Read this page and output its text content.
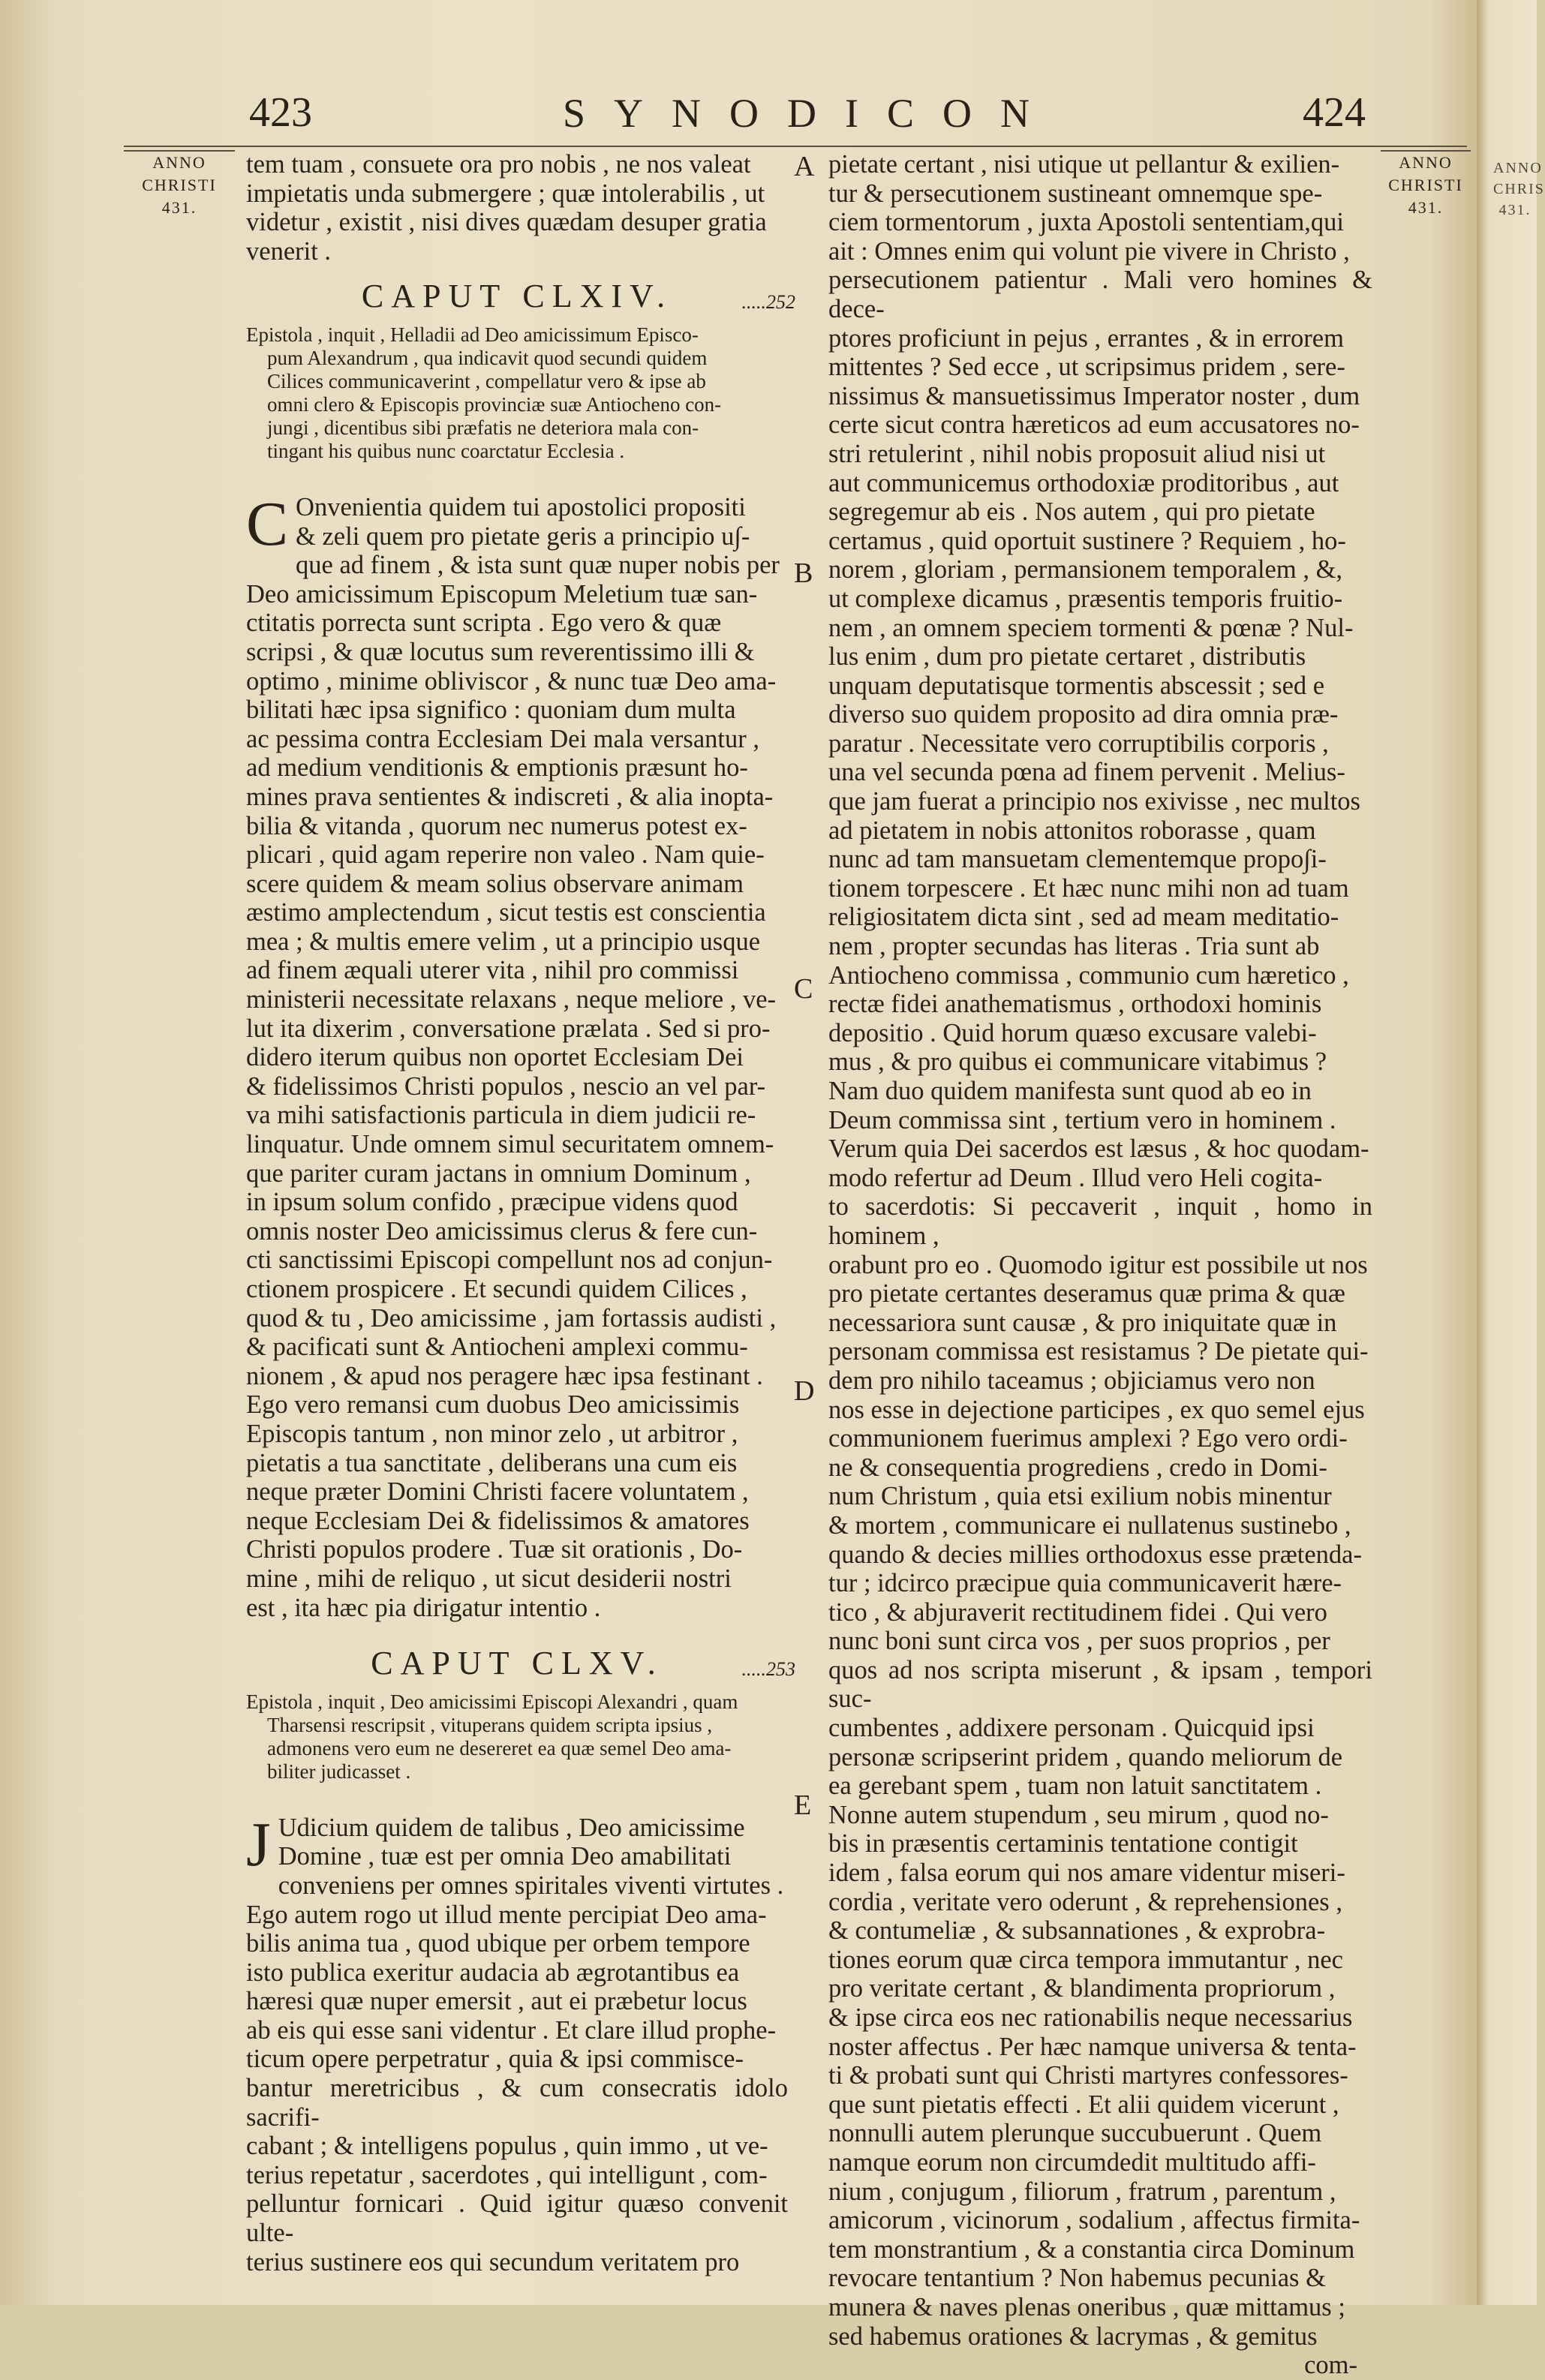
423	SYNODICON	424
ANNO
CHRISTI
431.
ANNO
CHRISTI
431.
ANNO
CHRIS
431.
A
B
C
D
E

tem tuam , consuete ora pro nobis , ne nos valeat
impietatis unda submergere ; quæ intolerabilis , ut
videtur , existit , nisi dives quædam desuper gratia
venerit .

CAPUT CLXIV.	.....252
Epistola , inquit , Helladii ad Deo amicissimum Episco-
pum Alexandrum , qua indicavit quod secundi quidem
Cilices communicaverint , compellatur vero & ipse ab
omni clero & Episcopis provinciæ suæ Antiocheno con-
jungi , dicentibus sibi præfatis ne deteriora mala con-
tingant his quibus nunc coarctatur Ecclesia .

C Onvenientia quidem tui apostolici propositi
& zeli quem pro pietate geris a principio u∫-
que ad finem , & ista sunt quæ nuper nobis per
Deo amicissimum Episcopum Meletium tuæ san-
ctitatis porrecta sunt scripta . Ego vero & quæ
scripsi , & quæ locutus sum reverentissimo illi &
optimo , minime obliviscor , & nunc tuæ Deo ama-
bilitati hæc ipsa significo : quoniam dum multa
ac pessima contra Ecclesiam Dei mala versantur ,
ad medium venditionis & emptionis præsunt ho-
mines prava sentientes & indiscreti , & alia inopta-
bilia & vitanda , quorum nec numerus potest ex-
plicari , quid agam reperire non valeo . Nam quie-
scere quidem & meam solius observare animam
æstimo amplectendum , sicut testis est conscientia
mea ; & multis emere velim , ut a principio usque
ad finem æquali uterer vita , nihil pro commissi
ministerii necessitate relaxans , neque meliore , ve-
lut ita dixerim , conversatione prælata . Sed si pro-
didero iterum quibus non oportet Ecclesiam Dei
& fidelissimos Christi populos , nescio an vel par-
va mihi satisfactionis particula in diem judicii re-
linquatur. Unde omnem simul securitatem omnem-
que pariter curam jactans in omnium Dominum ,
in ipsum solum confido , præcipue videns quod
omnis noster Deo amicissimus clerus & fere cun-
cti sanctissimi Episcopi compellunt nos ad conjun-
ctionem prospicere . Et secundi quidem Cilices ,
quod & tu , Deo amicissime , jam fortassis audisti ,
& pacificati sunt & Antiocheni amplexi commu-
nionem , & apud nos peragere hæc ipsa festinant .
Ego vero remansi cum duobus Deo amicissimis
Episcopis tantum , non minor zelo , ut arbitror ,
pietatis a tua sanctitate , deliberans una cum eis
neque præter Domini Christi facere voluntatem ,
neque Ecclesiam Dei & fidelissimos & amatores
Christi populos prodere . Tuæ sit orationis , Do-
mine , mihi de reliquo , ut sicut desiderii nostri
est , ita hæc pia dirigatur intentio .

CAPUT CLXV.	.....253
Epistola , inquit , Deo amicissimi Episcopi Alexandri , quam
Tharsensi rescripsit , vituperans quidem scripta ipsius ,
admonens vero eum ne desereret ea quæ semel Deo ama-
biliter judicasset .

J Udicium quidem de talibus , Deo amicissime
Domine , tuæ est per omnia Deo amabilitati
conveniens per omnes spiritales viventi virtutes .
Ego autem rogo ut illud mente percipiat Deo ama-
bilis anima tua , quod ubique per orbem tempore
isto publica exeritur audacia ab ægrotantibus ea
hæresi quæ nuper emersit , aut ei præbetur locus
ab eis qui esse sani videntur . Et clare illud prophe-
ticum opere perpetratur , quia & ipsi commisce-
bantur meretricibus , & cum consecratis idolo sacrifi-
cabant ; & intelligens populus , quin immo , ut ve-
terius repetatur , sacerdotes , qui intelligunt , com-
pelluntur fornicari . Quid igitur quæso convenit ulte-
terius sustinere eos qui secundum veritatem pro

pietate certant , nisi utique ut pellantur & exilien-
tur & persecutionem sustineant omnemque spe-
ciem tormentorum , juxta Apostoli sententiam,qui
ait : Omnes enim qui volunt pie vivere in Christo ,
persecutionem patientur . Mali vero homines & dece-
ptores proficiunt in pejus , errantes , & in errorem
mittentes ? Sed ecce , ut scripsimus pridem , sere-
nissimus & mansuetissimus Imperator noster , dum
certe sicut contra hæreticos ad eum accusatores no-
stri retulerint , nihil nobis proposuit aliud nisi ut
aut communicemus orthodoxiæ proditoribus , aut
segregemur ab eis . Nos autem , qui pro pietate
certamus , quid oportuit sustinere ? Requiem , ho-
norem , gloriam , permansionem temporalem , &,
ut complexe dicamus , præsentis temporis fruitio-
nem , an omnem speciem tormenti & pœnæ ? Nul-
lus enim , dum pro pietate certaret , distributis
unquam deputatisque tormentis abscessit ; sed e
diverso suo quidem proposito ad dira omnia præ-
paratur . Necessitate vero corruptibilis corporis ,
una vel secunda pœna ad finem pervenit . Melius-
que jam fuerat a principio nos exivisse , nec multos
ad pietatem in nobis attonitos roborasse , quam
nunc ad tam mansuetam clementemque propo∫i-
tionem torpescere . Et hæc nunc mihi non ad tuam
religiositatem dicta sint , sed ad meam meditatio-
nem , propter secundas has literas . Tria sunt ab
Antiocheno commissa , communio cum hæretico ,
rectæ fidei anathematismus , orthodoxi hominis
depositio . Quid horum quæso excusare valebi-
mus , & pro quibus ei communicare vitabimus ?
Nam duo quidem manifesta sunt quod ab eo in
Deum commissa sint , tertium vero in hominem .
Verum quia Dei sacerdos est læsus , & hoc quodam-
modo refertur ad Deum . Illud vero Heli cogita-
to sacerdotis: Si peccaverit , inquit , homo in hominem ,
orabunt pro eo . Quomodo igitur est possibile ut nos
pro pietate certantes deseramus quæ prima & quæ
necessariora sunt causæ , & pro iniquitate quæ in
personam commissa est resistamus ? De pietate qui-
dem pro nihilo taceamus ; objiciamus vero non
nos esse in dejectione participes , ex quo semel ejus
communionem fuerimus amplexi ? Ego vero ordi-
ne & consequentia progrediens , credo in Domi-
num Christum , quia etsi exilium nobis minentur
& mortem , communicare ei nullatenus sustinebo ,
quando & decies millies orthodoxus esse prætenda-
tur ; idcirco præcipue quia communicaverit hære-
tico , & abjuraverit rectitudinem fidei . Qui vero
nunc boni sunt circa vos , per suos proprios , per
quos ad nos scripta miserunt , & ipsam , tempori suc-
cumbentes , addixere personam . Quicquid ipsi
personæ scripserint pridem , quando meliorum de
ea gerebant spem , tuam non latuit sanctitatem .
Nonne autem stupendum , seu mirum , quod no-
bis in præsentis certaminis tentatione contigit
idem , falsa eorum qui nos amare videntur miseri-
cordia , veritate vero oderunt , & reprehensiones ,
& contumeliæ , & subsannationes , & exprobra-
tiones eorum quæ circa tempora immutantur , nec
pro veritate certant , & blandimenta propriorum ,
& ipse circa eos nec rationabilis neque necessarius
noster affectus . Per hæc namque universa & tenta-
ti & probati sunt qui Christi martyres confessores-
que sunt pietatis effecti . Et alii quidem vicerunt ,
nonnulli autem plerunque succubuerunt . Quem
namque eorum non circumdedit multitudo affi-
nium , conjugum , filiorum , fratrum , parentum ,
amicorum , vicinorum , sodalium , affectus firmita-
tem monstrantium , & a constantia circa Dominum
revocare tentantium ? Non habemus pecunias &
munera & naves plenas oneribus , quæ mittamus ;
sed habemus orationes & lacrymas , & gemitus

com-
